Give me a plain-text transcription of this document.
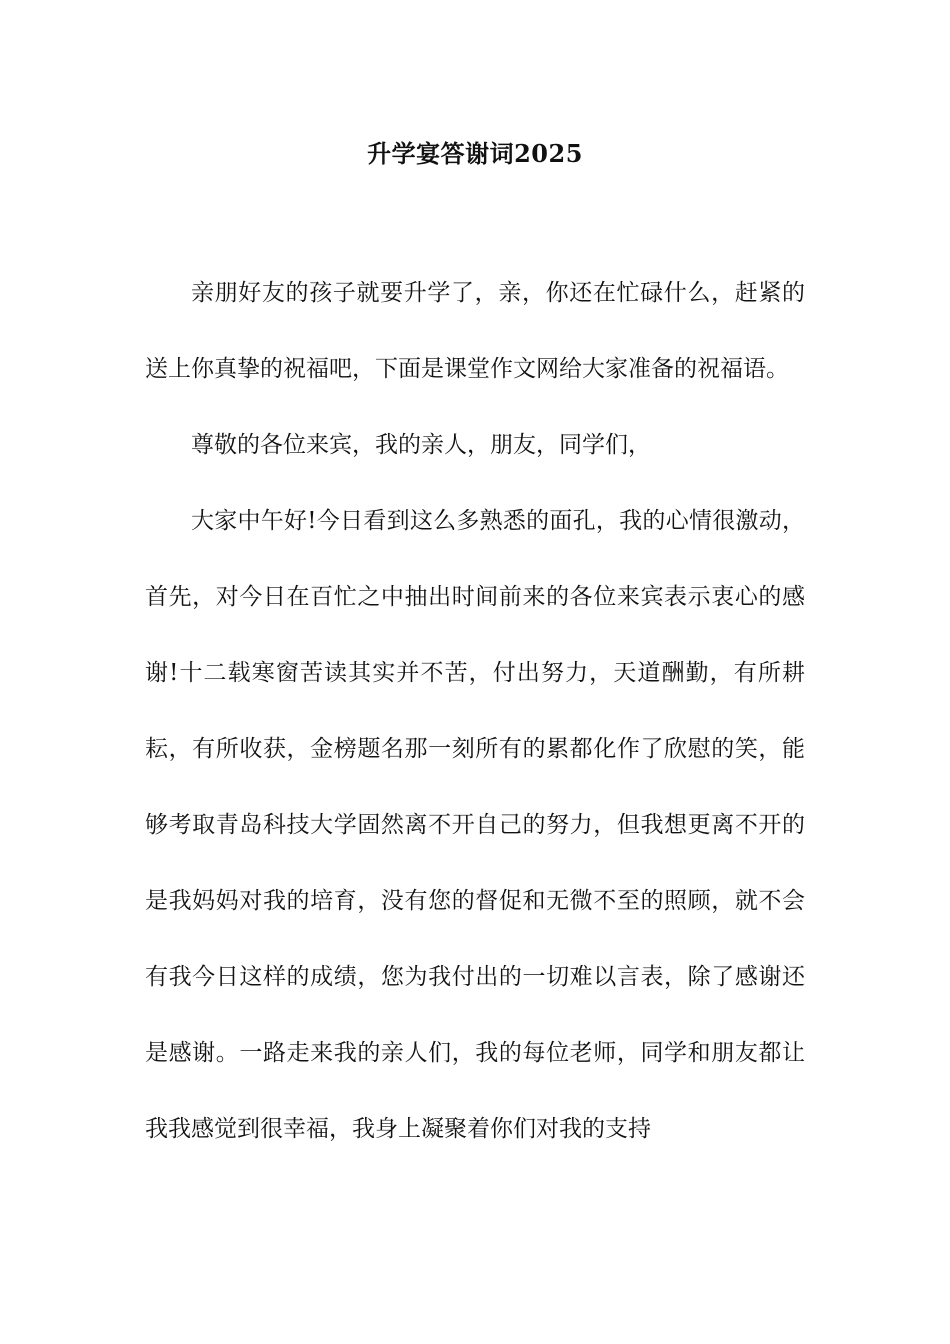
升学宴答谢词2025

亲朋好友的孩子就要升学了，亲，你还在忙碌什么，赶紧的送上你真挚的祝福吧，下面是课堂作文网给大家准备的祝福语。

尊敬的各位来宾，我的亲人，朋友，同学们，

大家中午好!今日看到这么多熟悉的面孔，我的心情很激动，首先，对今日在百忙之中抽出时间前来的各位来宾表示衷心的感谢!十二载寒窗苦读其实并不苦，付出努力，天道酬勤，有所耕耘，有所收获，金榜题名那一刻所有的累都化作了欣慰的笑，能够考取青岛科技大学固然离不开自己的努力，但我想更离不开的是我妈妈对我的培育，没有您的督促和无微不至的照顾，就不会有我今日这样的成绩，您为我付出的一切难以言表，除了感谢还是感谢。一路走来我的亲人们，我的每位老师，同学和朋友都让我我感觉到很幸福，我身上凝聚着你们对我的支持
